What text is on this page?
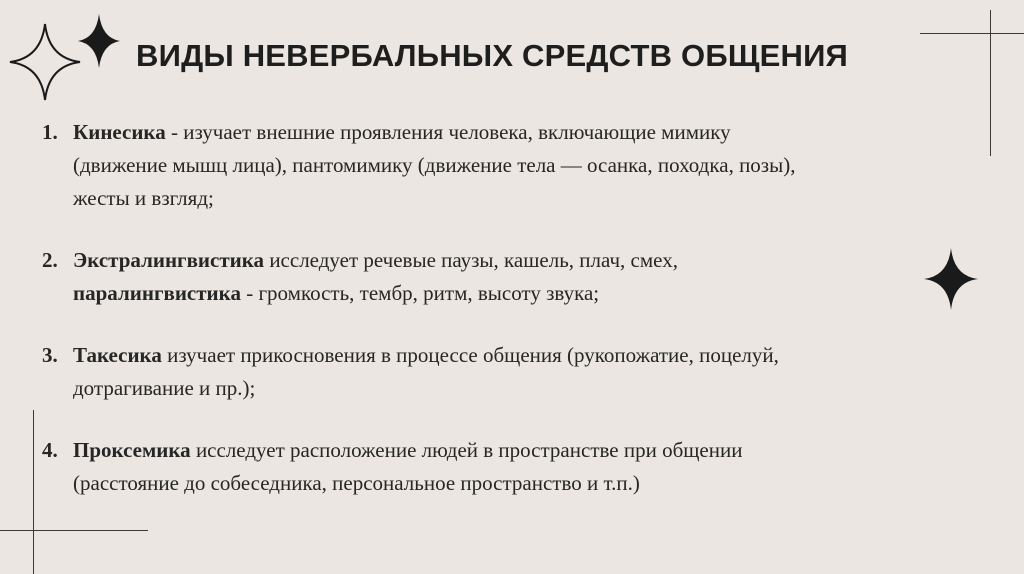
ВИДЫ НЕВЕРБАЛЬНЫХ СРЕДСТВ ОБЩЕНИЯ
1. Кинесика - изучает внешние проявления человека, включающие мимику
(движение мышц лица), пантомимику (движение тела — осанка, походка, позы),
жесты и взгляд;
2. Экстралингвистика исследует речевые паузы, кашель, плач, смех,
паралингвистика - громкость, тембр, ритм, высоту звука;
3. Такесика изучает прикосновения в процессе общения (рукопожатие, поцелуй,
дотрагивание и пр.);
4. Проксемика исследует расположение людей в пространстве при общении
(расстояние до собеседника, персональное пространство и т.п.)
